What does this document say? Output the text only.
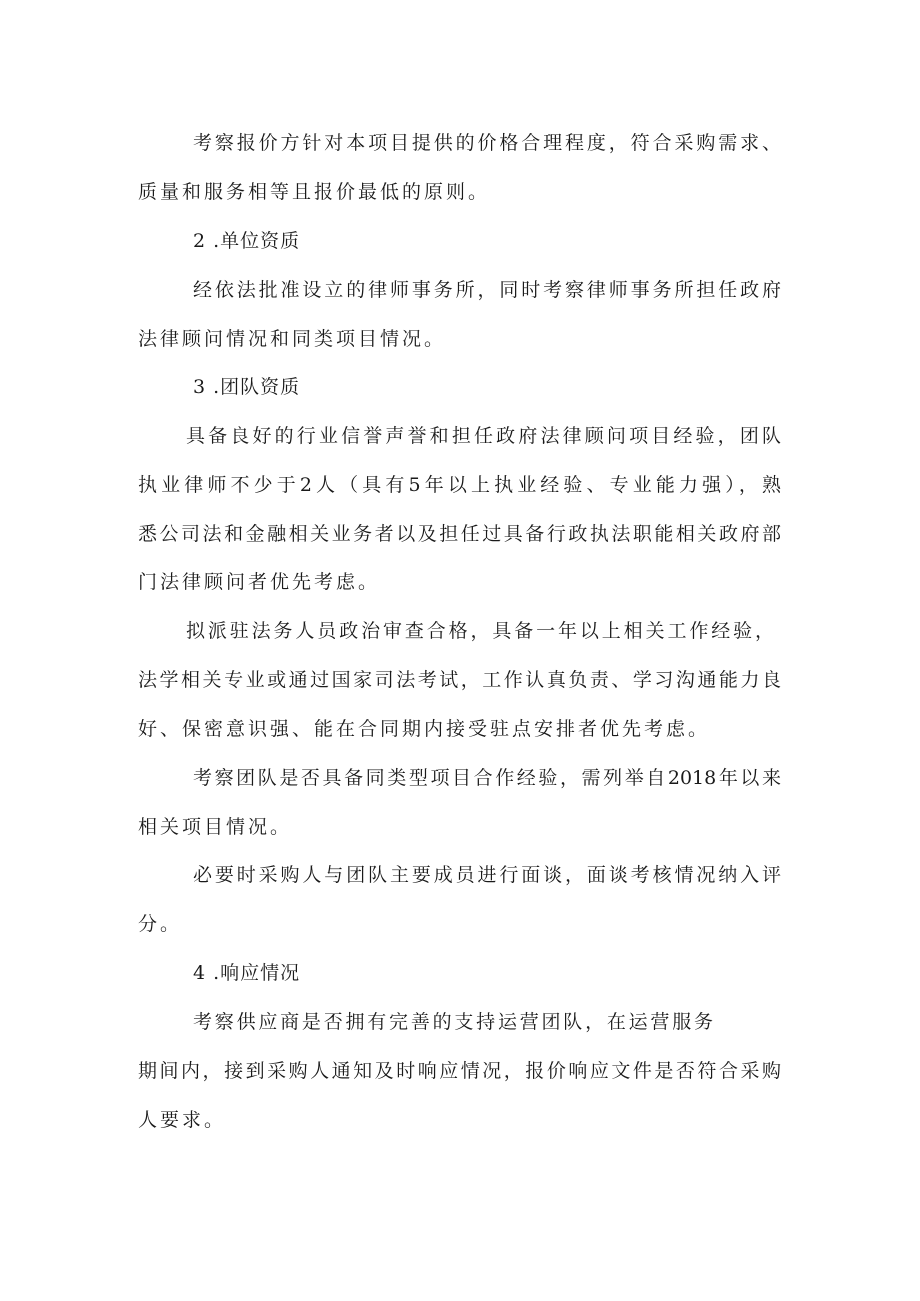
考察报价方针对本项目提供的价格合理程度，符合采购需求、
质量和服务相等且报价最低的原则。
2 .单位资质
经依法批准设立的律师事务所，同时考察律师事务所担任政府
法律顾问情况和同类项目情况。
3 .团队资质
具备良好的行业信誉声誉和担任政府法律顾问项目经验，团队
执业律师不少于2人（具有5年以上执业经验、专业能力强），熟
悉公司法和金融相关业务者以及担任过具备行政执法职能相关政府部
门法律顾问者优先考虑。
拟派驻法务人员政治审查合格，具备一年以上相关工作经验，
法学相关专业或通过国家司法考试，工作认真负责、学习沟通能力良
好、保密意识强、能在合同期内接受驻点安排者优先考虑。
考察团队是否具备同类型项目合作经验，需列举自2018年以来
相关项目情况。
必要时采购人与团队主要成员进行面谈，面谈考核情况纳入评
分。
4 .响应情况
考察供应商是否拥有完善的支持运营团队，在运营服务
期间内，接到采购人通知及时响应情况，报价响应文件是否符合采购
人要求。
